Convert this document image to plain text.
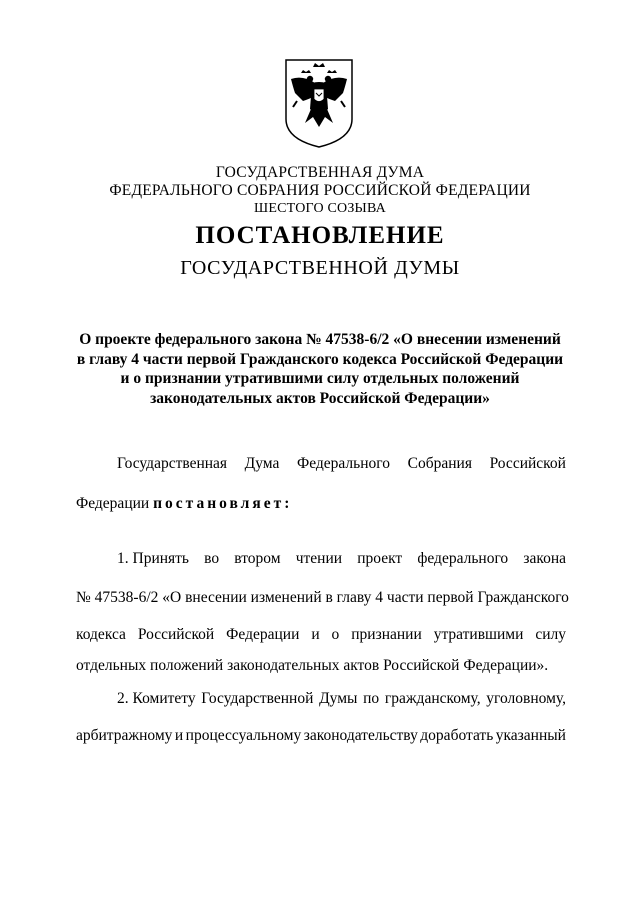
ГОСУДАРСТВЕННАЯ ДУМА
ФЕДЕРАЛЬНОГО СОБРАНИЯ РОССИЙСКОЙ ФЕДЕРАЦИИ
ШЕСТОГО СОЗЫВА
ПОСТАНОВЛЕНИЕ
ГОСУДАРСТВЕННОЙ ДУМЫ
О проекте федерального закона № 47538-6/2 «О внесении изменений
в главу 4 части первой Гражданского кодекса Российской Федерации
и о признании утратившими силу отдельных положений
законодательных актов Российской Федерации»
Государственная Дума Федерального Собрания Российской
Федерации постановляет:
1. Принять во втором чтении проект федерального закона
№ 47538-6/2 «О внесении изменений в главу 4 части первой Гражданского
кодекса Российской Федерации и о признании утратившими силу
отдельных положений законодательных актов Российской Федерации».
2. Комитету Государственной Думы по гражданскому, уголовному,
арбитражному и процессуальному законодательству доработать указанный
